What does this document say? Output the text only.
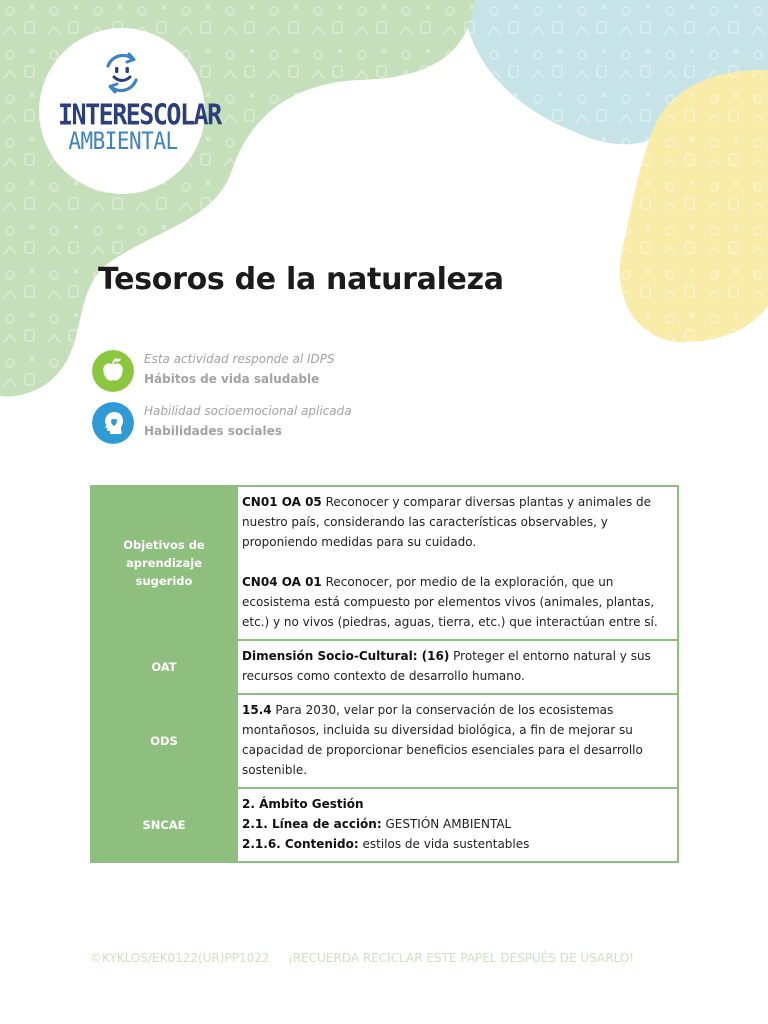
INTERESCOLAR
AMBIENTAL
Tesoros de la naturaleza
Esta actividad responde al IDPS
Hábitos de vida saludable
Habilidad socioemocional aplicada
Habilidades sociales
Objetivos de aprendizaje sugerido	CN01 OA 05 Reconocer y comparar diversas plantas y animales de nuestro país, considerando las características observables, y proponiendo medidas para su cuidado.

CN04 OA 01 Reconocer, por medio de la exploración, que un ecosistema está compuesto por elementos vivos (animales, plantas, etc.) y no vivos (piedras, aguas, tierra, etc.) que interactúan entre sí.

OAT	Dimensión Socio-Cultural: (16) Proteger el entorno natural y sus recursos como contexto de desarrollo humano.
ODS	15.4 Para 2030, velar por la conservación de los ecosistemas montañosos, incluida su diversidad biológica, a fin de mejorar su capacidad de proporcionar beneficios esenciales para el desarrollo sostenible.
SNCAE	2. Ámbito Gestión

2.1. Línea de acción: GESTIÓN AMBIENTAL

2.1.6. Contenido: estilos de vida sustentables

©KYKLOS/EK0122(UR)PP1022 ¡RECUERDA RECICLAR ESTE PAPEL DESPUÉS DE USARLO!
